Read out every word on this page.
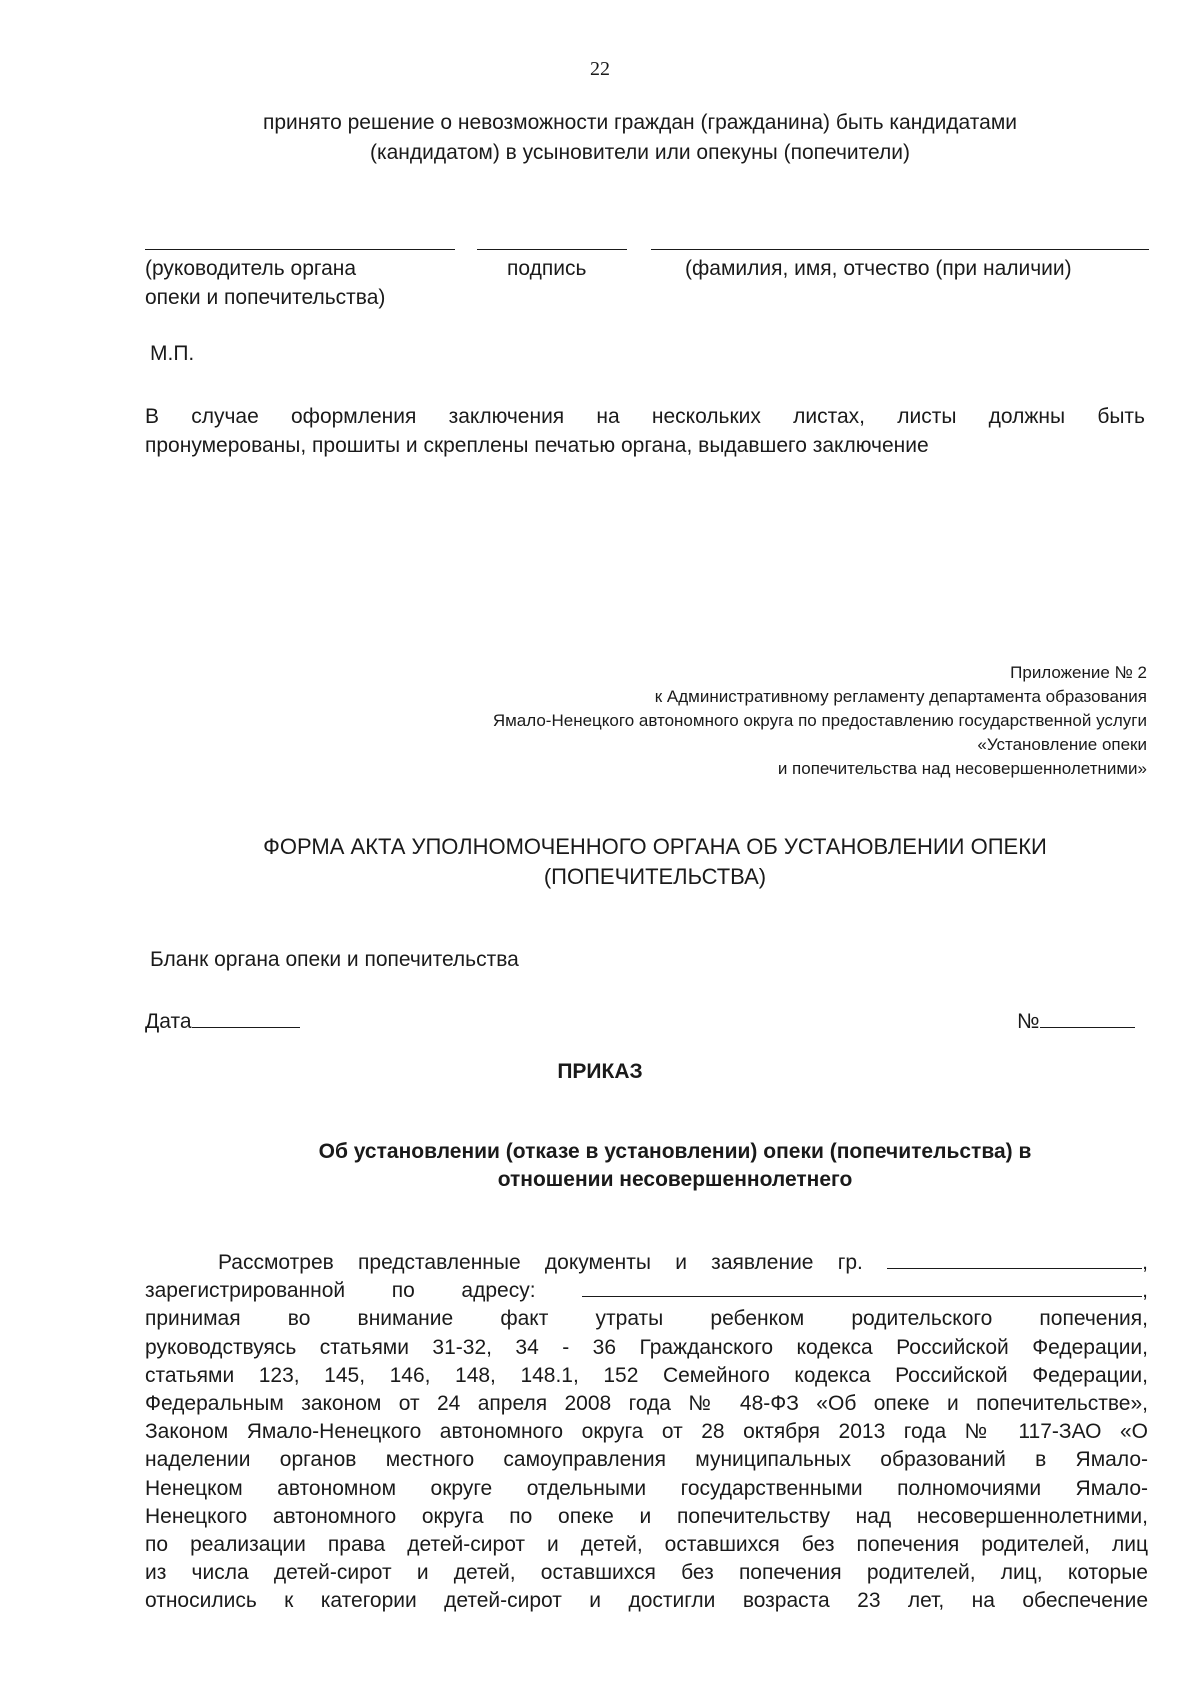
22
принято решение о невозможности граждан (гражданина) быть кандидатами
(кандидатом) в усыновители или опекуны (попечители)
(руководитель органа
опеки и попечительства)
подпись	(фамилия, имя, отчество (при наличии)
М.П.
В случае оформления заключения на нескольких листах, листы должны быть
пронумерованы, прошиты и скреплены печатью органа, выдавшего заключение
Приложение № 2
к Административному регламенту департамента образования
Ямало-Ненецкого автономного округа по предоставлению государственной услуги
«Установление опеки
и попечительства над несовершеннолетними»
ФОРМА АКТА УПОЛНОМОЧЕННОГО ОРГАНА ОБ УСТАНОВЛЕНИИ ОПЕКИ
(ПОПЕЧИТЕЛЬСТВА)
Бланк органа опеки и попечительства
Дата	№
ПРИКАЗ
Об установлении (отказе в установлении) опеки (попечительства) в
отношении несовершеннолетнего
Рассмотрев представленные документы и заявление гр.	,
зарегистрированной по адресу:	,
принимая во внимание факт утраты ребенком родительского попечения,
руководствуясь статьями 31-32, 34 - 36 Гражданского кодекса Российской Федерации,
статьями 123, 145, 146, 148, 148.1, 152 Семейного кодекса Российской Федерации,
Федеральным законом от 24 апреля 2008 года № 48-ФЗ «Об опеке и попечительстве»,
Законом Ямало-Ненецкого автономного округа от 28 октября 2013 года № 117-ЗАО «О
наделении органов местного самоуправления муниципальных образований в Ямало-
Ненецком автономном округе отдельными государственными полномочиями Ямало-
Ненецкого автономного округа по опеке и попечительству над несовершеннолетними,
по реализации права детей-сирот и детей, оставшихся без попечения родителей, лиц
из числа детей-сирот и детей, оставшихся без попечения родителей, лиц, которые
относились к категории детей-сирот и достигли возраста 23 лет, на обеспечение
